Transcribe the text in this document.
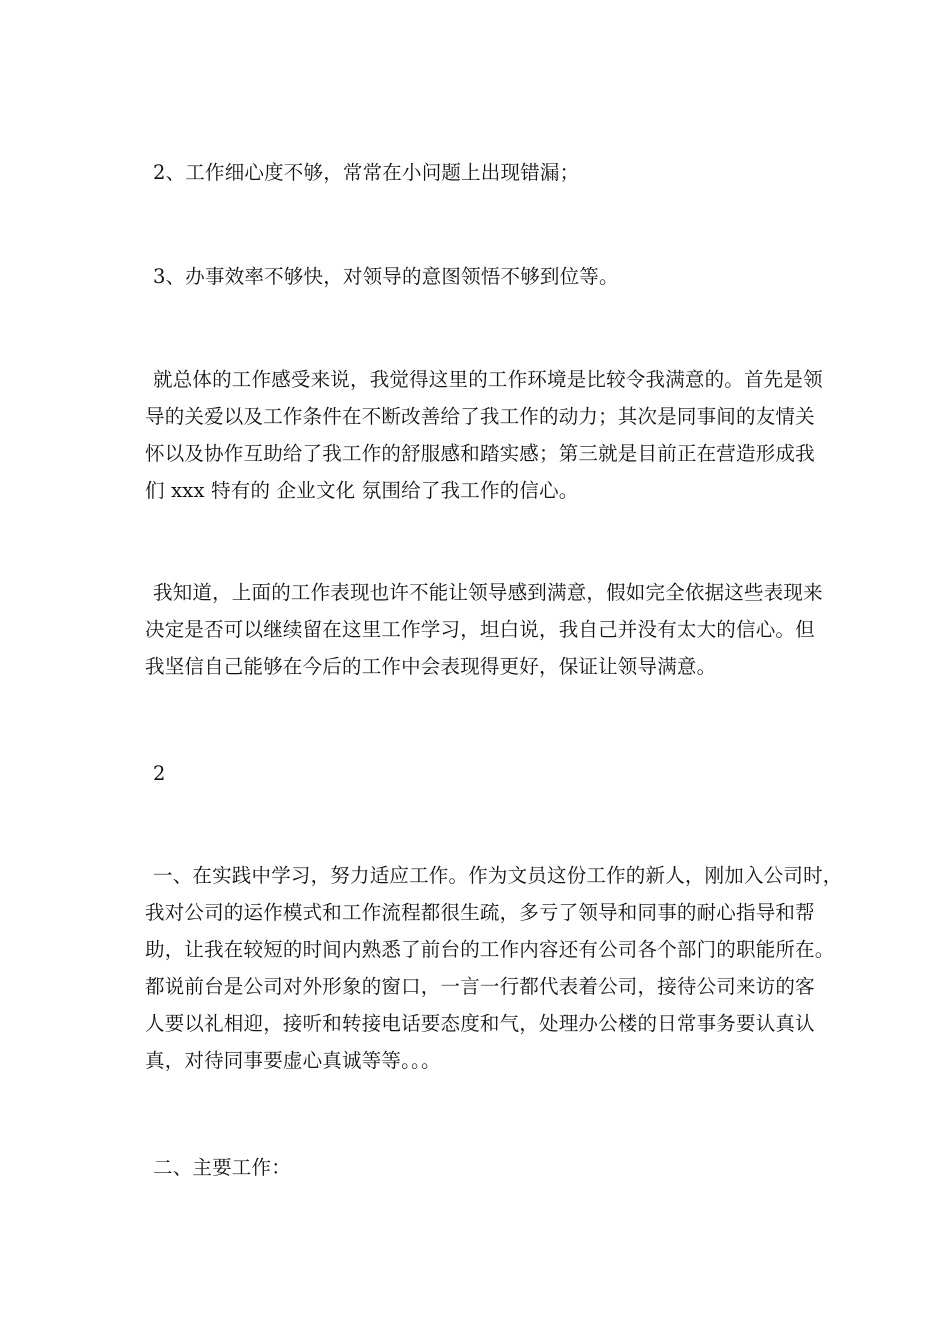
2、工作细心度不够，常常在小问题上出现错漏；
3、办事效率不够快，对领导的意图领悟不够到位等。
就总体的工作感受来说，我觉得这里的工作环境是比较令我满意的。首先是领
导的关爱以及工作条件在不断改善给了我工作的动力；其次是同事间的友情关
怀以及协作互助给了我工作的舒服感和踏实感；第三就是目前正在营造形成我
们 xxx 特有的 企业文化 氛围给了我工作的信心。
我知道，上面的工作表现也许不能让领导感到满意，假如完全依据这些表现来
决定是否可以继续留在这里工作学习，坦白说，我自己并没有太大的信心。但
我坚信自己能够在今后的工作中会表现得更好，保证让领导满意。
2
一、在实践中学习，努力适应工作。作为文员这份工作的新人，刚加入公司时，
我对公司的运作模式和工作流程都很生疏，多亏了领导和同事的耐心指导和帮
助，让我在较短的时间内熟悉了前台的工作内容还有公司各个部门的职能所在。
都说前台是公司对外形象的窗口，一言一行都代表着公司，接待公司来访的客
人要以礼相迎，接听和转接电话要态度和气，处理办公楼的日常事务要认真认
真，对待同事要虚心真诚等等。。。
二、主要工作：
